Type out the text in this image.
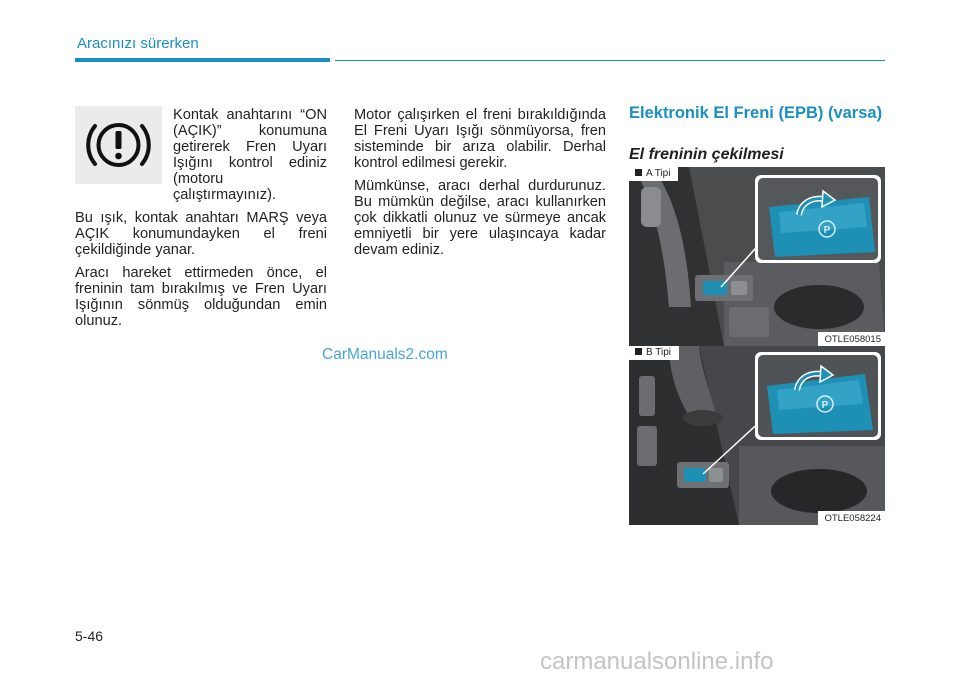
Aracınızı sürerken

Kontak anahtarını “ON (AÇIK)” konumuna getirerek Fren Uyarı Işığını kontrol ediniz (motoru çalıştırmayınız).

Bu ışık, kontak anahtarı MARŞ veya AÇIK konumundayken el freni çekildiğinde yanar.

Aracı hareket ettirmeden önce, el freninin tam bırakılmış ve Fren Uyarı Işığının sönmüş olduğundan emin olunuz.

Motor çalışırken el freni bırakıldığında El Freni Uyarı Işığı sönmüyorsa, fren sisteminde bir arıza olabilir. Derhal kontrol edilmesi gerekir.

Mümkünse, aracı derhal durdurunuz. Bu mümkün değilse, aracı kullanırken çok dikkatli olunuz ve sürmeye ancak emniyetli bir yere ulaşıncaya kadar devam ediniz.

Elektronik El Freni (EPB) (varsa)
El freninin çekilmesi
P
A Tipi
OTLE058015
P
B Tipi
OTLE058224
CarManuals2.com
5-46
carmanualsonline.info
